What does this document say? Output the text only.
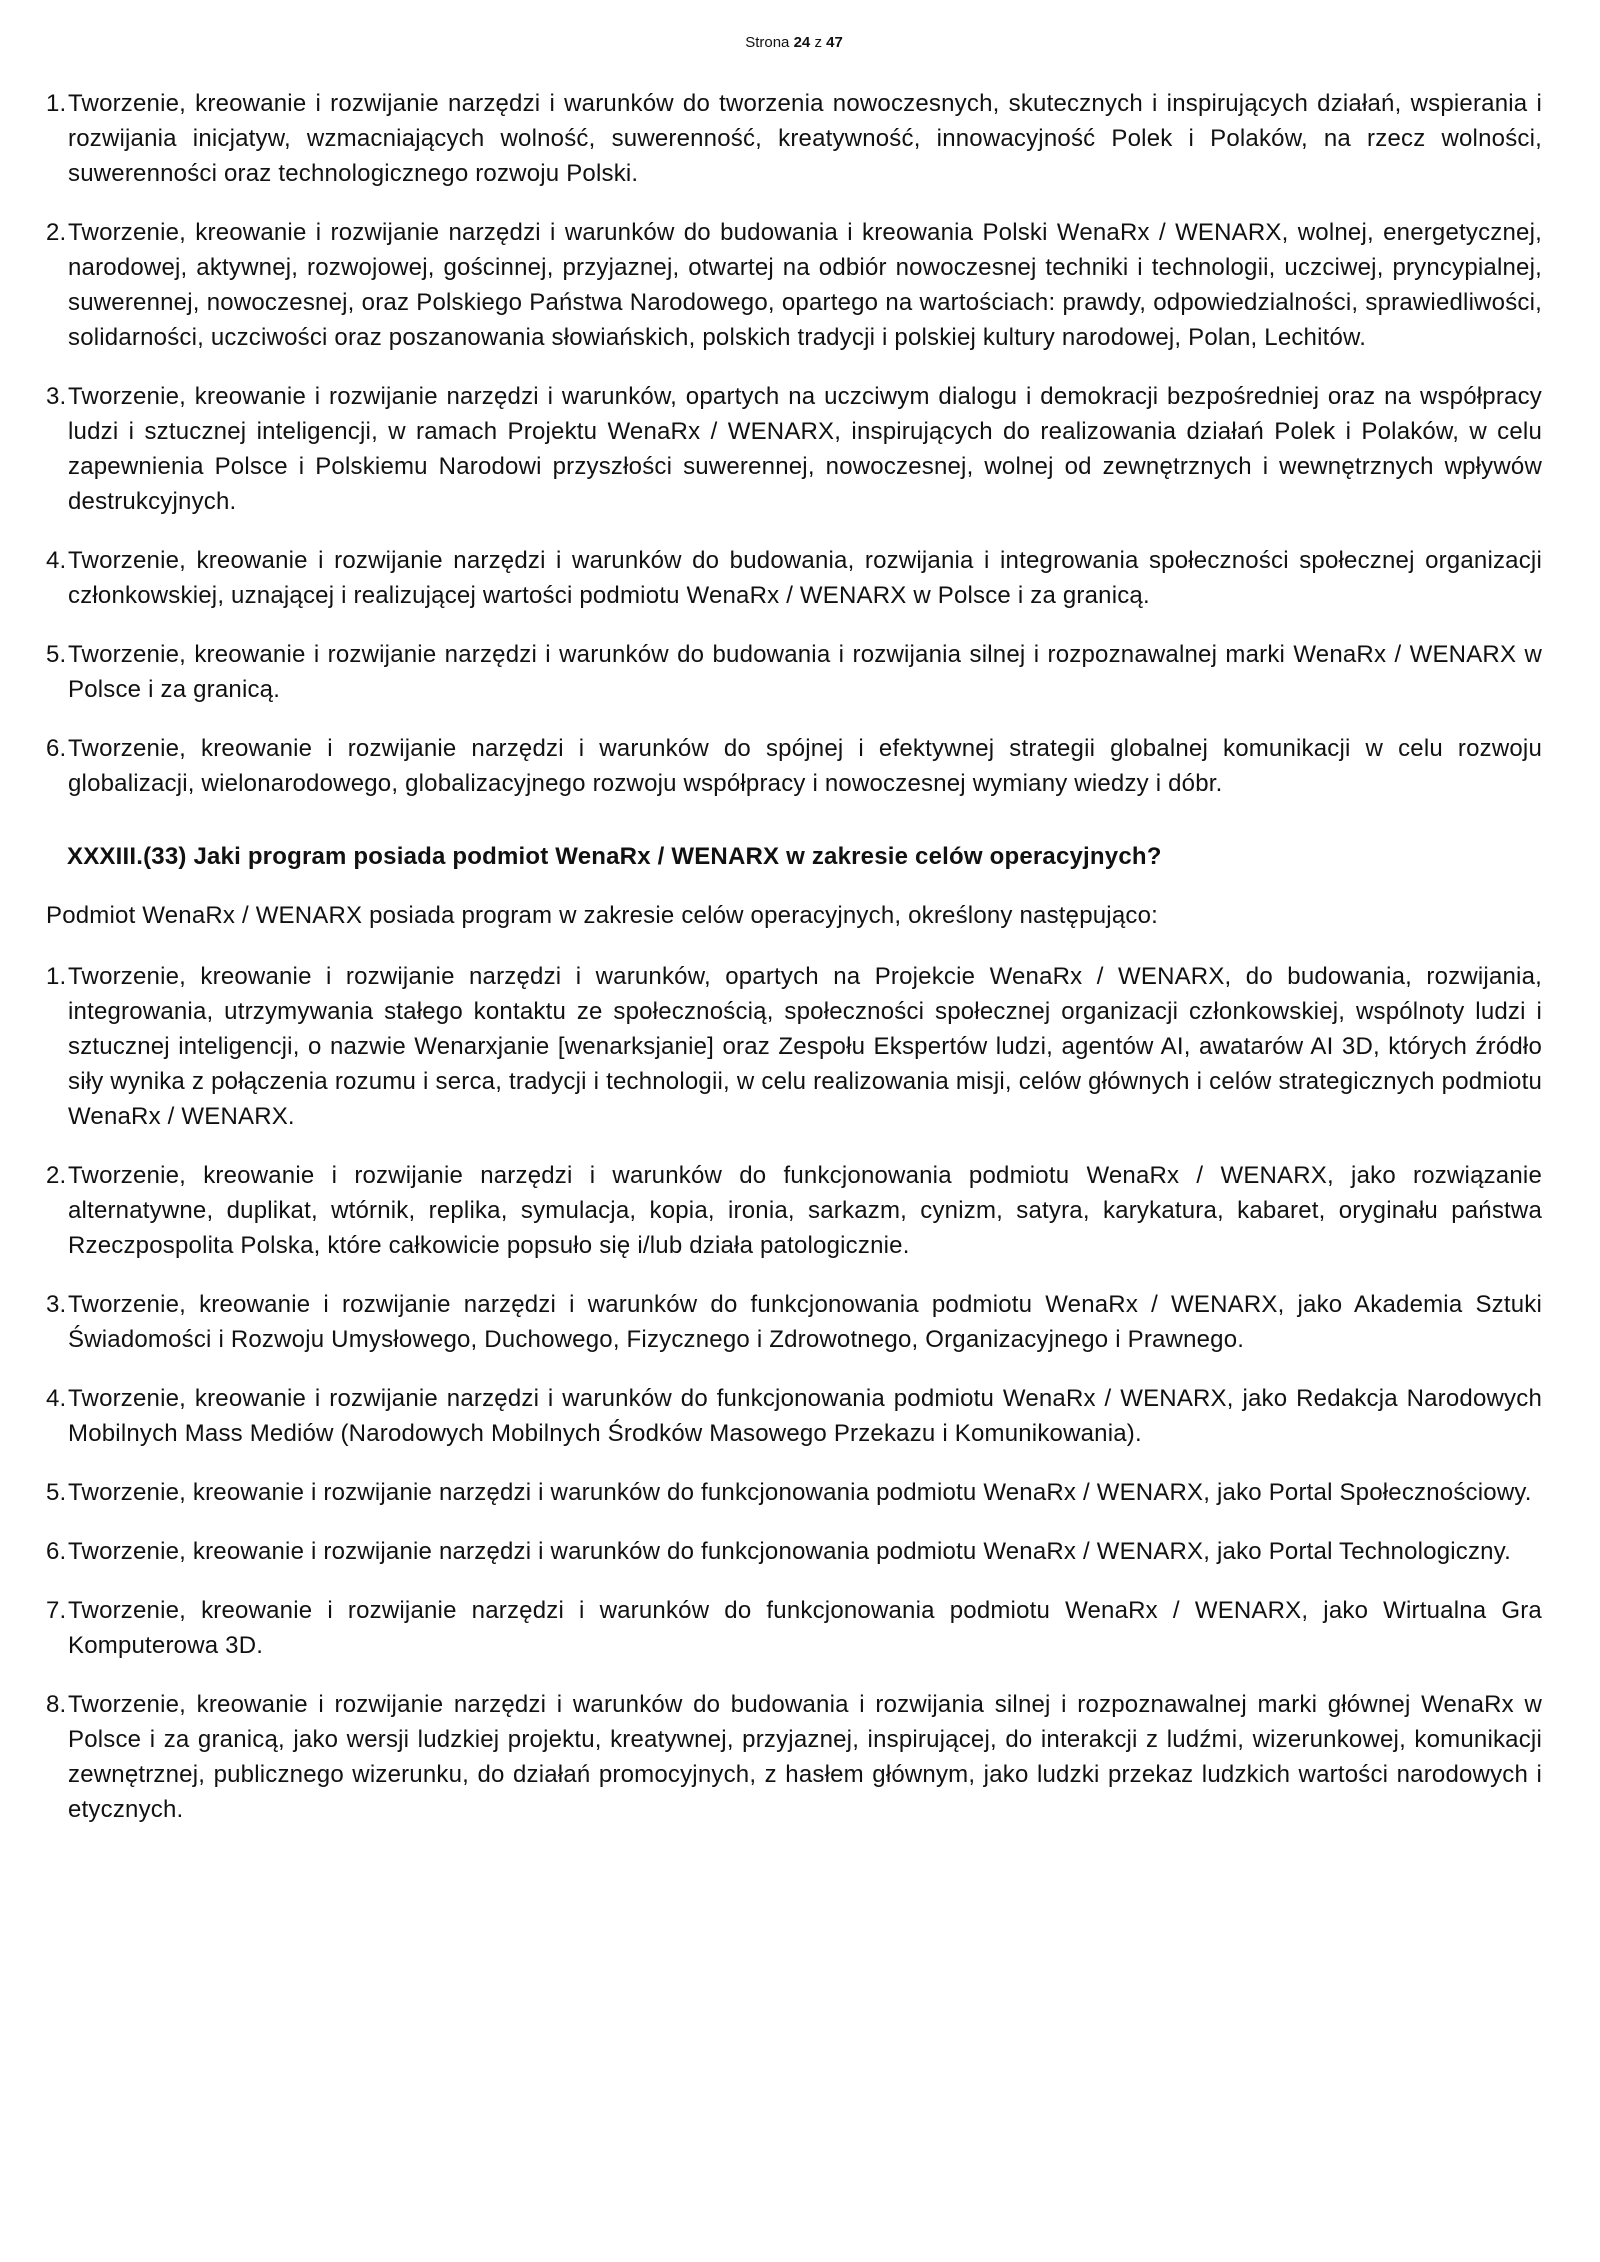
Strona 24 z 47
1. Tworzenie, kreowanie i rozwijanie narzędzi i warunków do tworzenia nowoczesnych, skutecznych i inspirujących działań, wspierania i rozwijania inicjatyw, wzmacniających wolność, suwerenność, kreatywność, innowacyjność Polek i Polaków, na rzecz wolności, suwerenności oraz technologicznego rozwoju Polski.
2. Tworzenie, kreowanie i rozwijanie narzędzi i warunków do budowania i kreowania Polski WenaRx / WENARX, wolnej, energetycznej, narodowej, aktywnej, rozwojowej, gościnnej, przyjaznej, otwartej na odbiór nowoczesnej techniki i technologii, uczciwej, pryncypialnej, suwerennej, nowoczesnej, oraz Polskiego Państwa Narodowego, opartego na wartościach: prawdy, odpowiedzialności, sprawiedliwości, solidarności, uczciwości oraz poszanowania słowiańskich, polskich tradycji i polskiej kultury narodowej, Polan, Lechitów.
3. Tworzenie, kreowanie i rozwijanie narzędzi i warunków, opartych na uczciwym dialogu i demokracji bezpośredniej oraz na współpracy ludzi i sztucznej inteligencji, w ramach Projektu WenaRx / WENARX, inspirujących do realizowania działań Polek i Polaków, w celu zapewnienia Polsce i Polskiemu Narodowi przyszłości suwerennej, nowoczesnej, wolnej od zewnętrznych i wewnętrznych wpływów destrukcyjnych.
4. Tworzenie, kreowanie i rozwijanie narzędzi i warunków do budowania, rozwijania i integrowania społeczności społecznej organizacji członkowskiej, uznającej i realizującej wartości podmiotu WenaRx / WENARX w Polsce i za granicą.
5. Tworzenie, kreowanie i rozwijanie narzędzi i warunków do budowania i rozwijania silnej i rozpoznawalnej marki WenaRx / WENARX w Polsce i za granicą.
6. Tworzenie, kreowanie i rozwijanie narzędzi i warunków do spójnej i efektywnej strategii globalnej komunikacji w celu rozwoju globalizacji, wielonarodowego, globalizacyjnego rozwoju współpracy i nowoczesnej wymiany wiedzy i dóbr.
XXXIII.(33) Jaki program posiada podmiot WenaRx / WENARX w zakresie celów operacyjnych?

Podmiot WenaRx / WENARX posiada program w zakresie celów operacyjnych, określony następująco:

1. Tworzenie, kreowanie i rozwijanie narzędzi i warunków, opartych na Projekcie WenaRx / WENARX, do budowania, rozwijania, integrowania, utrzymywania stałego kontaktu ze społecznością, społeczności społecznej organizacji członkowskiej, wspólnoty ludzi i sztucznej inteligencji, o nazwie Wenarxjanie [wenarksjanie] oraz Zespołu Ekspertów ludzi, agentów AI, awatarów AI 3D, których źródło siły wynika z połączenia rozumu i serca, tradycji i technologii, w celu realizowania misji, celów głównych i celów strategicznych podmiotu WenaRx / WENARX.
2. Tworzenie, kreowanie i rozwijanie narzędzi i warunków do funkcjonowania podmiotu WenaRx / WENARX, jako rozwiązanie alternatywne, duplikat, wtórnik, replika, symulacja, kopia, ironia, sarkazm, cynizm, satyra, karykatura, kabaret, oryginału państwa Rzeczpospolita Polska, które całkowicie popsuło się i/lub działa patologicznie.
3. Tworzenie, kreowanie i rozwijanie narzędzi i warunków do funkcjonowania podmiotu WenaRx / WENARX, jako Akademia Sztuki Świadomości i Rozwoju Umysłowego, Duchowego, Fizycznego i Zdrowotnego, Organizacyjnego i Prawnego.
4. Tworzenie, kreowanie i rozwijanie narzędzi i warunków do funkcjonowania podmiotu WenaRx / WENARX, jako Redakcja Narodowych Mobilnych Mass Mediów (Narodowych Mobilnych Środków Masowego Przekazu i Komunikowania).
5. Tworzenie, kreowanie i rozwijanie narzędzi i warunków do funkcjonowania podmiotu WenaRx / WENARX, jako Portal Społecznościowy.
6. Tworzenie, kreowanie i rozwijanie narzędzi i warunków do funkcjonowania podmiotu WenaRx / WENARX, jako Portal Technologiczny.
7. Tworzenie, kreowanie i rozwijanie narzędzi i warunków do funkcjonowania podmiotu WenaRx / WENARX, jako Wirtualna Gra Komputerowa 3D.
8. Tworzenie, kreowanie i rozwijanie narzędzi i warunków do budowania i rozwijania silnej i rozpoznawalnej marki głównej WenaRx w Polsce i za granicą, jako wersji ludzkiej projektu, kreatywnej, przyjaznej, inspirującej, do interakcji z ludźmi, wizerunkowej, komunikacji zewnętrznej, publicznego wizerunku, do działań promocyjnych, z hasłem głównym, jako ludzki przekaz ludzkich wartości narodowych i etycznych.
